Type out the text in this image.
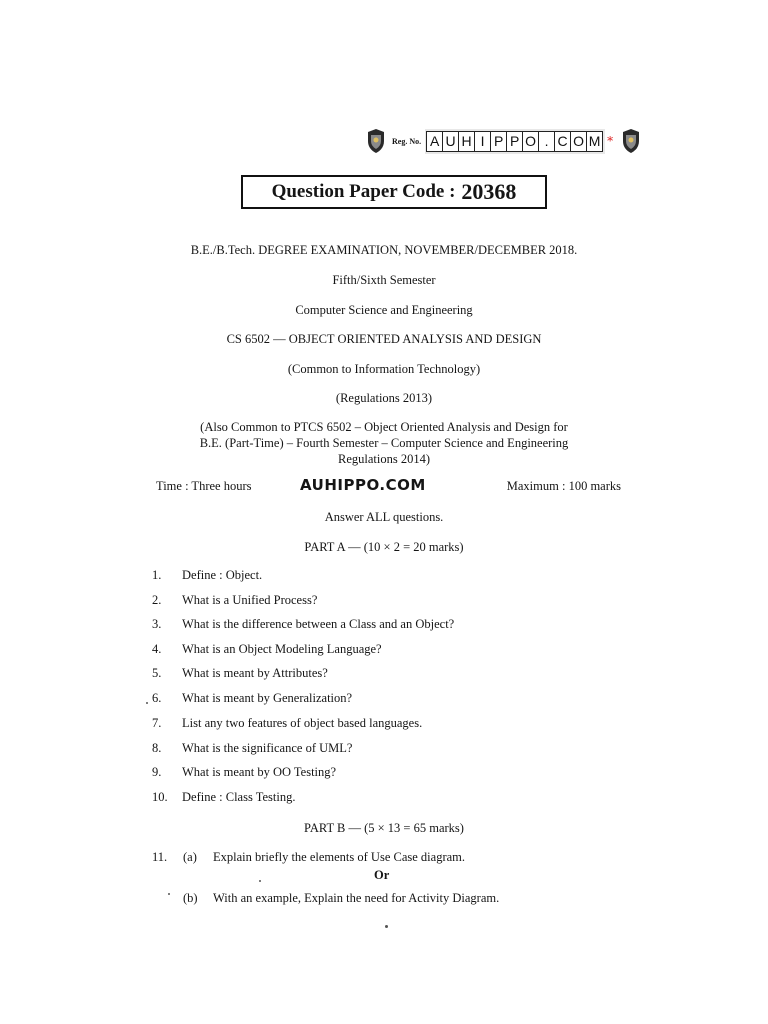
Reg. No. A U H I P P O . C O M *
Question Paper Code : 20368
B.E./B.Tech. DEGREE EXAMINATION, NOVEMBER/DECEMBER 2018.
Fifth/Sixth Semester
Computer Science and Engineering
CS 6502 — OBJECT ORIENTED ANALYSIS AND DESIGN
(Common to Information Technology)
(Regulations 2013)
(Also Common to PTCS 6502 – Object Oriented Analysis and Design for
B.E. (Part-Time) – Fourth Semester – Computer Science and Engineering
Regulations 2014)
Time : Three hours	AUHIPPO.COM	Maximum : 100 marks
Answer ALL questions.
PART A — (10 × 2 = 20 marks)
1. Define : Object.
2. What is a Unified Process?
3. What is the difference between a Class and an Object?
4. What is an Object Modeling Language?
5. What is meant by Attributes?
6. What is meant by Generalization?
7. List any two features of object based languages.
8. What is the significance of UML?
9. What is meant by OO Testing?
10. Define : Class Testing.
PART B — (5 × 13 = 65 marks)
11. (a) Explain briefly the elements of Use Case diagram.
Or
(b) With an example, Explain the need for Activity Diagram.
